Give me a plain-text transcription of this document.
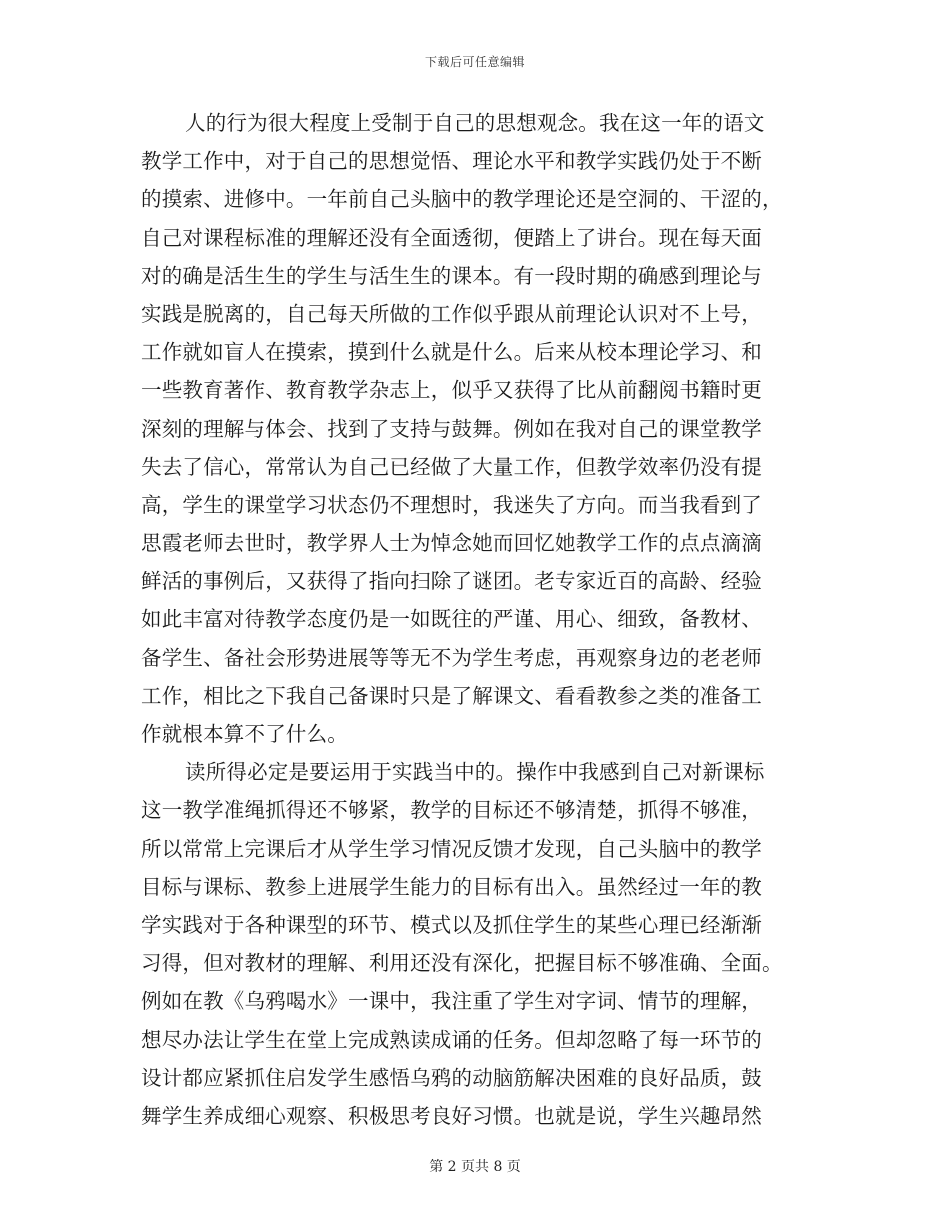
下载后可任意编辑
人的行为很大程度上受制于自己的思想观念。我在这一年的语文
教学工作中，对于自己的思想觉悟、理论水平和教学实践仍处于不断
的摸索、进修中。一年前自己头脑中的教学理论还是空洞的、干涩的，
自己对课程标准的理解还没有全面透彻，便踏上了讲台。现在每天面
对的确是活生生的学生与活生生的课本。有一段时期的确感到理论与
实践是脱离的，自己每天所做的工作似乎跟从前理论认识对不上号，
工作就如盲人在摸索，摸到什么就是什么。后来从校本理论学习、和
一些教育著作、教育教学杂志上，似乎又获得了比从前翻阅书籍时更
深刻的理解与体会、找到了支持与鼓舞。例如在我对自己的课堂教学
失去了信心，常常认为自己已经做了大量工作，但教学效率仍没有提
高，学生的课堂学习状态仍不理想时，我迷失了方向。而当我看到了
思霞老师去世时，教学界人士为悼念她而回忆她教学工作的点点滴滴
鲜活的事例后，又获得了指向扫除了谜团。老专家近百的高龄、经验
如此丰富对待教学态度仍是一如既往的严谨、用心、细致，备教材、
备学生、备社会形势进展等等无不为学生考虑，再观察身边的老老师
工作，相比之下我自己备课时只是了解课文、看看教参之类的准备工
作就根本算不了什么。
读所得必定是要运用于实践当中的。操作中我感到自己对新课标
这一教学准绳抓得还不够紧，教学的目标还不够清楚，抓得不够准，
所以常常上完课后才从学生学习情况反馈才发现，自己头脑中的教学
目标与课标、教参上进展学生能力的目标有出入。虽然经过一年的教
学实践对于各种课型的环节、模式以及抓住学生的某些心理已经渐渐
习得，但对教材的理解、利用还没有深化，把握目标不够准确、全面。
例如在教《乌鸦喝水》一课中，我注重了学生对字词、情节的理解，
想尽办法让学生在堂上完成熟读成诵的任务。但却忽略了每一环节的
设计都应紧抓住启发学生感悟乌鸦的动脑筋解决困难的良好品质，鼓
舞学生养成细心观察、积极思考良好习惯。也就是说，学生兴趣昂然
第 2 页共 8 页
